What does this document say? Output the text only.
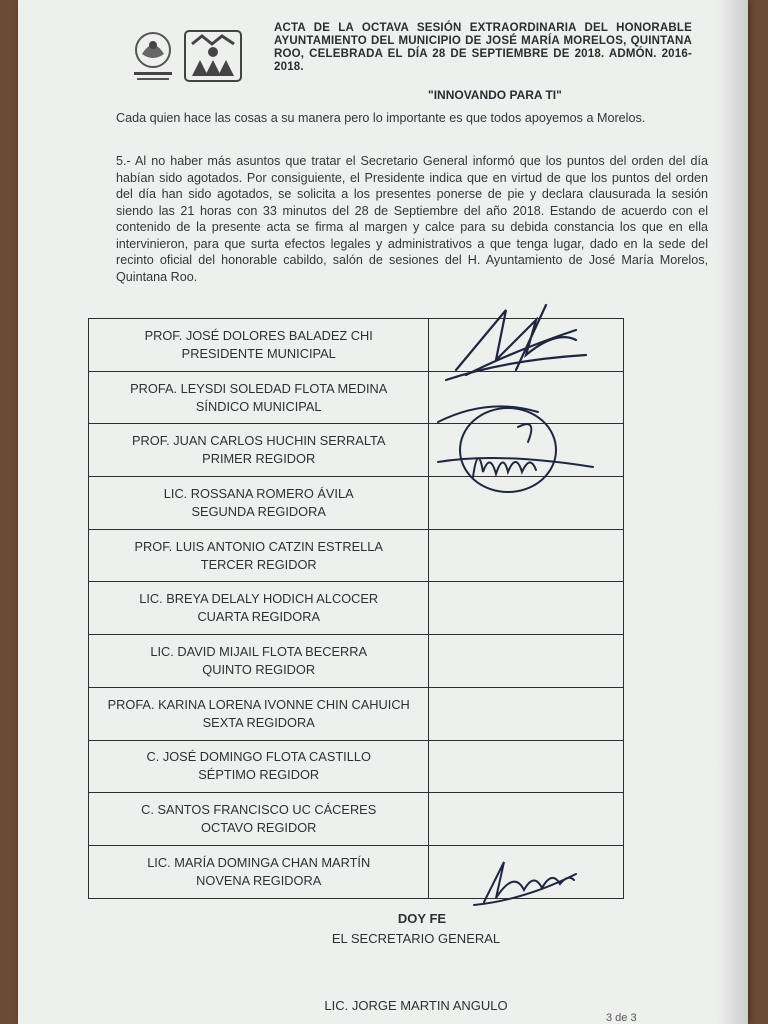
ACTA DE LA OCTAVA SESIÓN EXTRAORDINARIA DEL HONORABLE AYUNTAMIENTO DEL MUNICIPIO DE JOSÉ MARÍA MORELOS, QUINTANA ROO, CELEBRADA EL DÍA 28 DE SEPTIEMBRE DE 2018. ADMÓN. 2016-2018.
"INNOVANDO PARA TI"

Cada quien hace las cosas a su manera pero lo importante es que todos apoyemos a Morelos.

5.- Al no haber más asuntos que tratar el Secretario General informó que los puntos del orden del día habían sido agotados. Por consiguiente, el Presidente indica que en virtud de que los puntos del orden del día han sido agotados, se solicita a los presentes ponerse de pie y declara clausurada la sesión siendo las 21 horas con 33 minutos del 28 de Septiembre del año 2018. Estando de acuerdo con el contenido de la presente acta se firma al margen y calce para su debida constancia los que en ella intervinieron, para que surta efectos legales y administrativos a que tenga lugar, dado en la sede del recinto oficial del honorable cabildo, salón de sesiones del H. Ayuntamiento de José María Morelos, Quintana Roo.

PROF. JOSÉ DOLORES BALADEZ CHI
PRESIDENTE MUNICIPAL	

PROFA. LEYSDI SOLEDAD FLOTA MEDINA
SÍNDICO MUNICIPAL	

PROF. JUAN CARLOS HUCHIN SERRALTA
PRIMER REGIDOR	

LIC. ROSSANA ROMERO ÁVILA
SEGUNDA REGIDORA	

PROF. LUIS ANTONIO CATZIN ESTRELLA
TERCER REGIDOR	

LIC. BREYA DELALY HODICH ALCOCER
CUARTA REGIDORA	

LIC. DAVID MIJAIL FLOTA BECERRA
QUINTO REGIDOR	

PROFA. KARINA LORENA IVONNE CHIN CAHUICH
SEXTA REGIDORA	

C. JOSÉ DOMINGO FLOTA CASTILLO
SÉPTIMO REGIDOR	

C. SANTOS FRANCISCO UC CÁCERES
OCTAVO REGIDOR	

LIC. MARÍA DOMINGA CHAN MARTÍN
NOVENA REGIDORA	

DOY FE
EL SECRETARIO GENERAL
LIC. JORGE MARTIN ANGULO
3 de 3
